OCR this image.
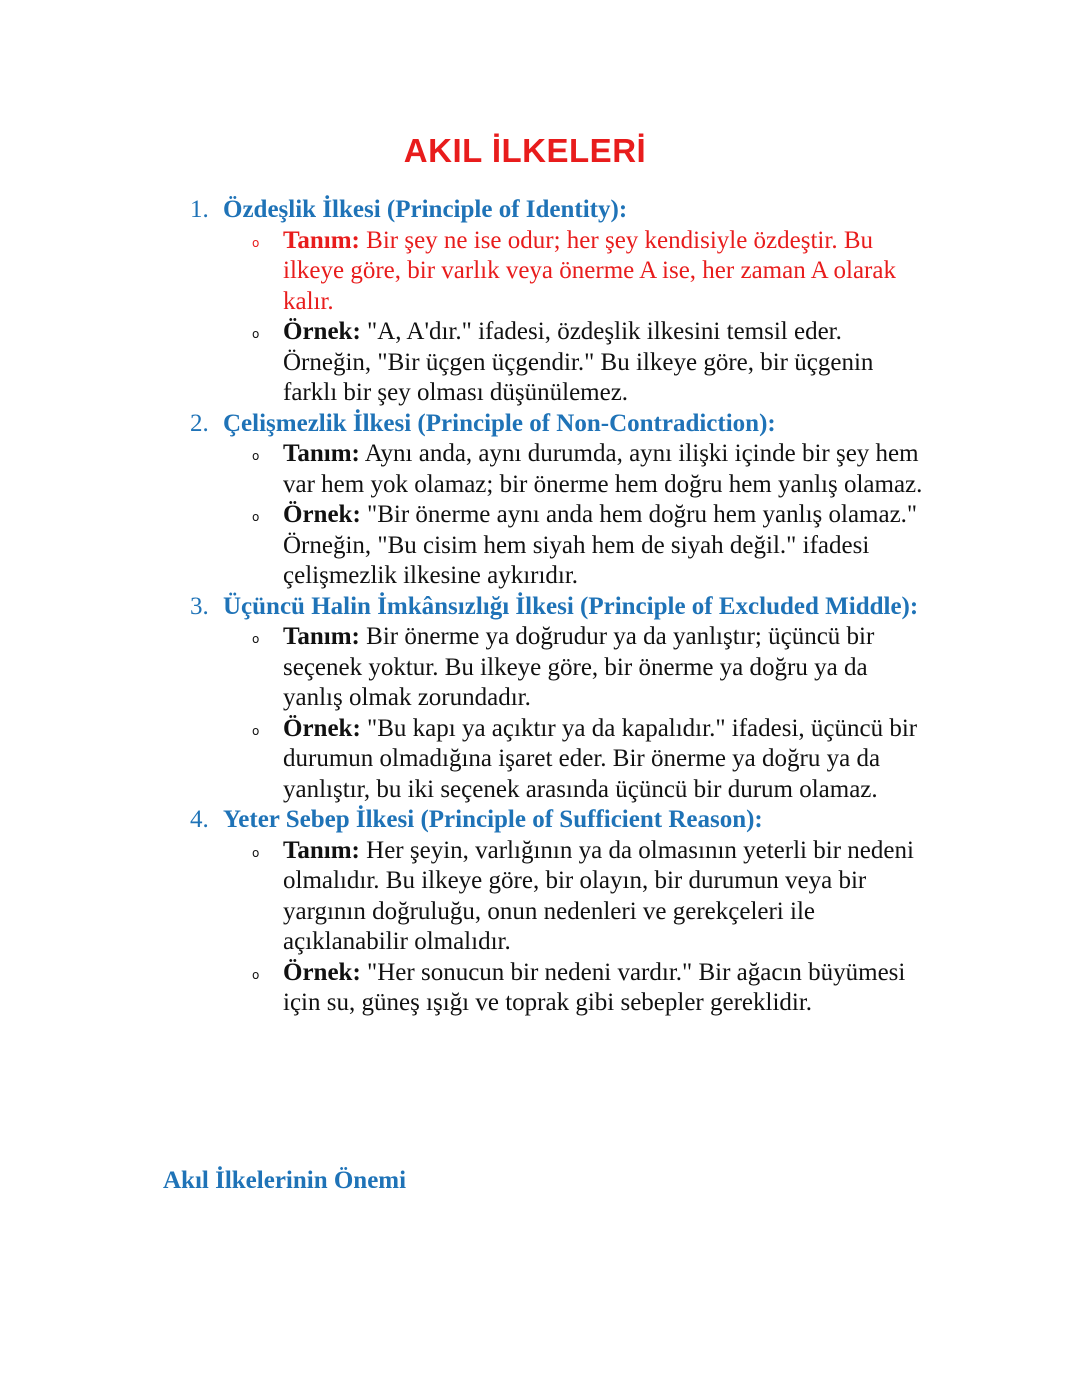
AKIL İLKELERİ
1. Özdeşlik İlkesi (Principle of Identity):
o Tanım: Bir şey ne ise odur; her şey kendisiyle özdeştir. Bu ilkeye göre, bir varlık veya önerme A ise, her zaman A olarak kalır.
o Örnek: "A, A'dır." ifadesi, özdeşlik ilkesini temsil eder. Örneğin, "Bir üçgen üçgendir." Bu ilkeye göre, bir üçgenin farklı bir şey olması düşünülemez.
2. Çelişmezlik İlkesi (Principle of Non-Contradiction):
o Tanım: Aynı anda, aynı durumda, aynı ilişki içinde bir şey hem var hem yok olamaz; bir önerme hem doğru hem yanlış olamaz.
o Örnek: "Bir önerme aynı anda hem doğru hem yanlış olamaz." Örneğin, "Bu cisim hem siyah hem de siyah değil." ifadesi çelişmezlik ilkesine aykırıdır.
3. Üçüncü Halin İmkânsızlığı İlkesi (Principle of Excluded Middle):
o Tanım: Bir önerme ya doğrudur ya da yanlıştır; üçüncü bir seçenek yoktur. Bu ilkeye göre, bir önerme ya doğru ya da yanlış olmak zorundadır.
o Örnek: "Bu kapı ya açıktır ya da kapalıdır." ifadesi, üçüncü bir durumun olmadığına işaret eder. Bir önerme ya doğru ya da yanlıştır, bu iki seçenek arasında üçüncü bir durum olamaz.
4. Yeter Sebep İlkesi (Principle of Sufficient Reason):
o Tanım: Her şeyin, varlığının ya da olmasının yeterli bir nedeni olmalıdır. Bu ilkeye göre, bir olayın, bir durumun veya bir yargının doğruluğu, onun nedenleri ve gerekçeleri ile açıklanabilir olmalıdır.
o Örnek: "Her sonucun bir nedeni vardır." Bir ağacın büyümesi için su, güneş ışığı ve toprak gibi sebepler gereklidir.
Akıl İlkelerinin Önemi
